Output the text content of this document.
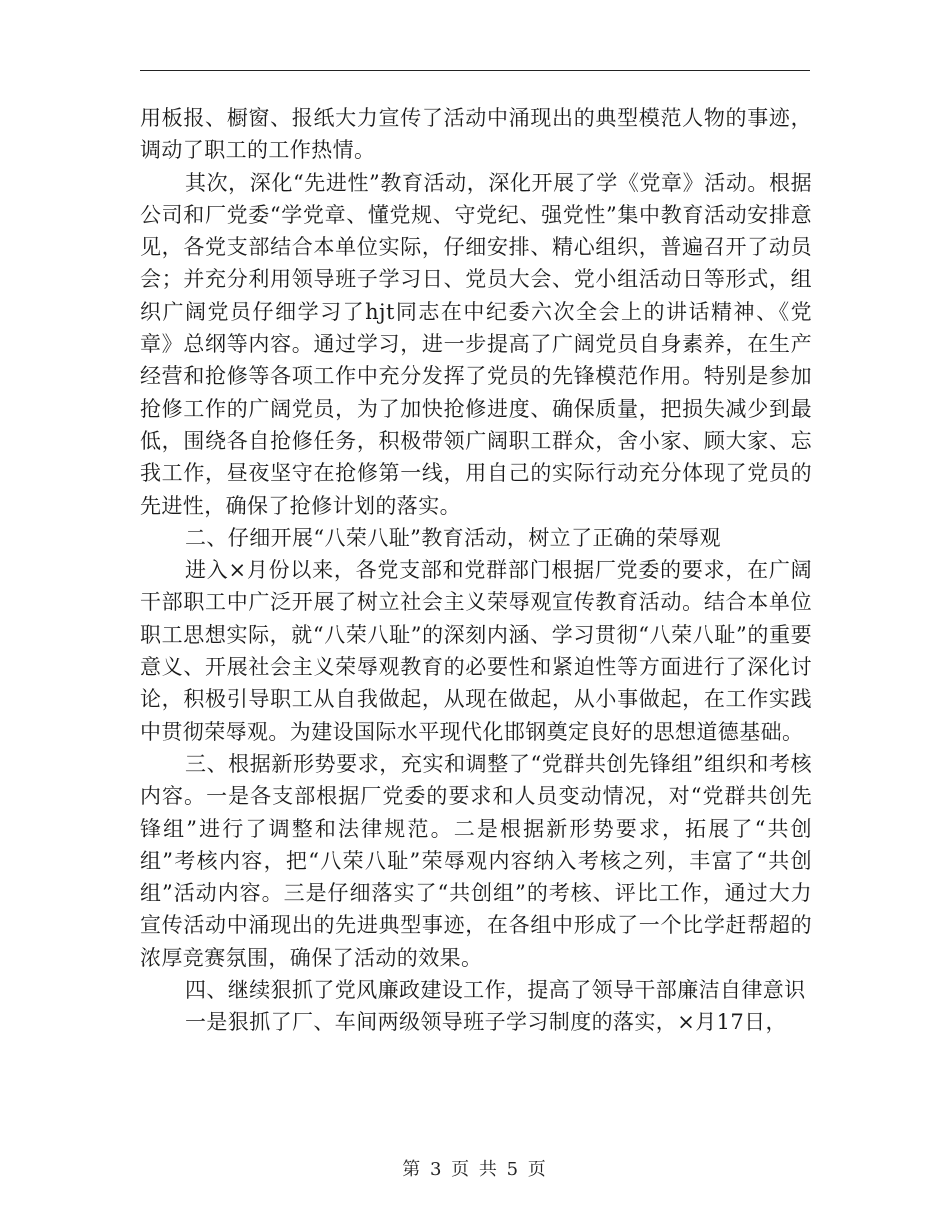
用板报、橱窗、报纸大力宣传了活动中涌现出的典型模范人物的事迹，调动了职工的工作热情。

其次，深化“先进性”教育活动，深化开展了学《党章》活动。根据公司和厂党委“学党章、懂党规、守党纪、强党性”集中教育活动安排意见，各党支部结合本单位实际，仔细安排、精心组织，普遍召开了动员会；并充分利用领导班子学习日、党员大会、党小组活动日等形式，组织广阔党员仔细学习了hjt同志在中纪委六次全会上的讲话精神、《党章》总纲等内容。通过学习，进一步提高了广阔党员自身素养，在生产经营和抢修等各项工作中充分发挥了党员的先锋模范作用。特别是参加抢修工作的广阔党员，为了加快抢修进度、确保质量，把损失减少到最低，围绕各自抢修任务，积极带领广阔职工群众，舍小家、顾大家、忘我工作，昼夜坚守在抢修第一线，用自己的实际行动充分体现了党员的先进性，确保了抢修计划的落实。

二、仔细开展“八荣八耻”教育活动，树立了正确的荣辱观

进入×月份以来，各党支部和党群部门根据厂党委的要求，在广阔干部职工中广泛开展了树立社会主义荣辱观宣传教育活动。结合本单位职工思想实际，就“八荣八耻”的深刻内涵、学习贯彻“八荣八耻”的重要意义、开展社会主义荣辱观教育的必要性和紧迫性等方面进行了深化讨论，积极引导职工从自我做起，从现在做起，从小事做起，在工作实践中贯彻荣辱观。为建设国际水平现代化邯钢奠定良好的思想道德基础。

三、根据新形势要求，充实和调整了“党群共创先锋组”组织和考核内容。一是各支部根据厂党委的要求和人员变动情况，对“党群共创先锋组”进行了调整和法律规范。二是根据新形势要求，拓展了“共创组”考核内容，把“八荣八耻”荣辱观内容纳入考核之列，丰富了“共创组”活动内容。三是仔细落实了“共创组”的考核、评比工作，通过大力宣传活动中涌现出的先进典型事迹，在各组中形成了一个比学赶帮超的浓厚竞赛氛围，确保了活动的效果。

四、继续狠抓了党风廉政建设工作，提高了领导干部廉洁自律意识

一是狠抓了厂、车间两级领导班子学习制度的落实，×月17日，

第 3 页 共 5 页
